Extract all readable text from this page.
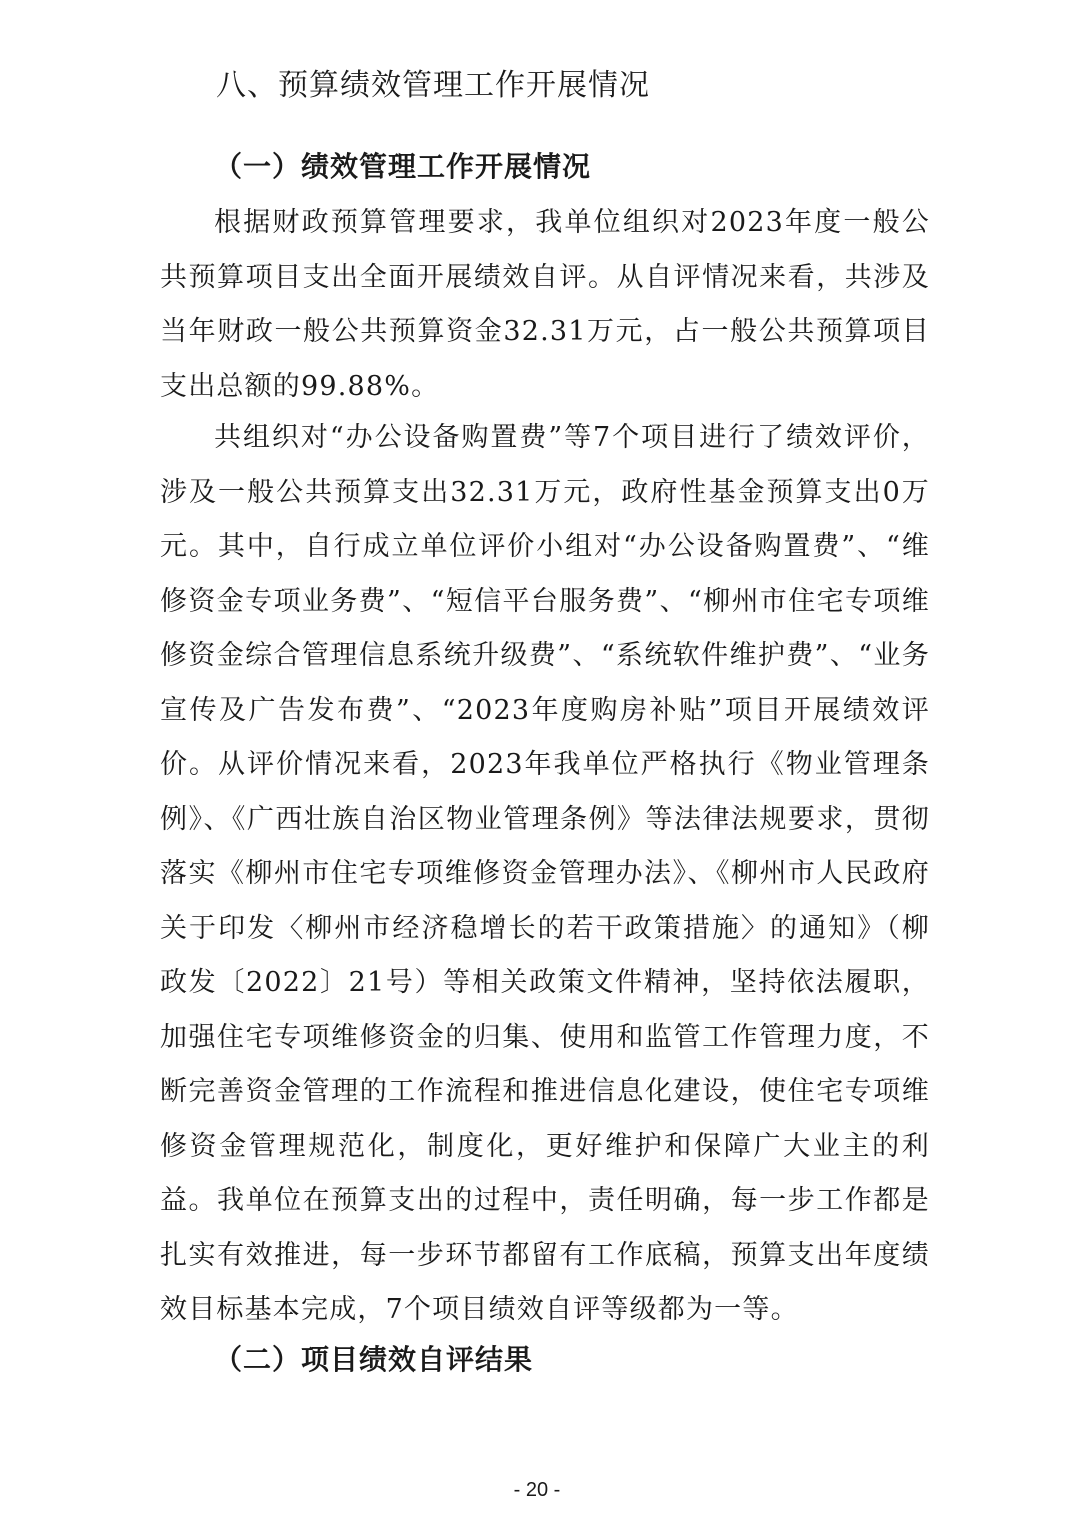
八、预算绩效管理工作开展情况
（一）绩效管理工作开展情况

根据财政预算管理要求，我单位组织对2023年度一般公共预算项目支出全面开展绩效自评。从自评情况来看，共涉及当年财政一般公共预算资金32.31万元，占一般公共预算项目支出总额的99.88%。

共组织对“办公设备购置费”等7个项目进行了绩效评价，涉及一般公共预算支出32.31万元，政府性基金预算支出0万元。其中，自行成立单位评价小组对“办公设备购置费”、“维修资金专项业务费”、“短信平台服务费”、“柳州市住宅专项维修资金综合管理信息系统升级费”、“系统软件维护费”、“业务宣传及广告发布费”、“2023年度购房补贴”项目开展绩效评价。从评价情况来看，2023年我单位严格执行《物业管理条例》、《广西壮族自治区物业管理条例》等法律法规要求，贯彻落实《柳州市住宅专项维修资金管理办法》、《柳州市人民政府关于印发〈柳州市经济稳增长的若干政策措施〉的通知》（柳政发〔2022〕21号）等相关政策文件精神，坚持依法履职，加强住宅专项维修资金的归集、使用和监管工作管理力度，不断完善资金管理的工作流程和推进信息化建设，使住宅专项维修资金管理规范化，制度化，更好维护和保障广大业主的利益。我单位在预算支出的过程中，责任明确，每一步工作都是扎实有效推进，每一步环节都留有工作底稿，预算支出年度绩效目标基本完成，7个项目绩效自评等级都为一等。

（二）项目绩效自评结果
- 20 -
